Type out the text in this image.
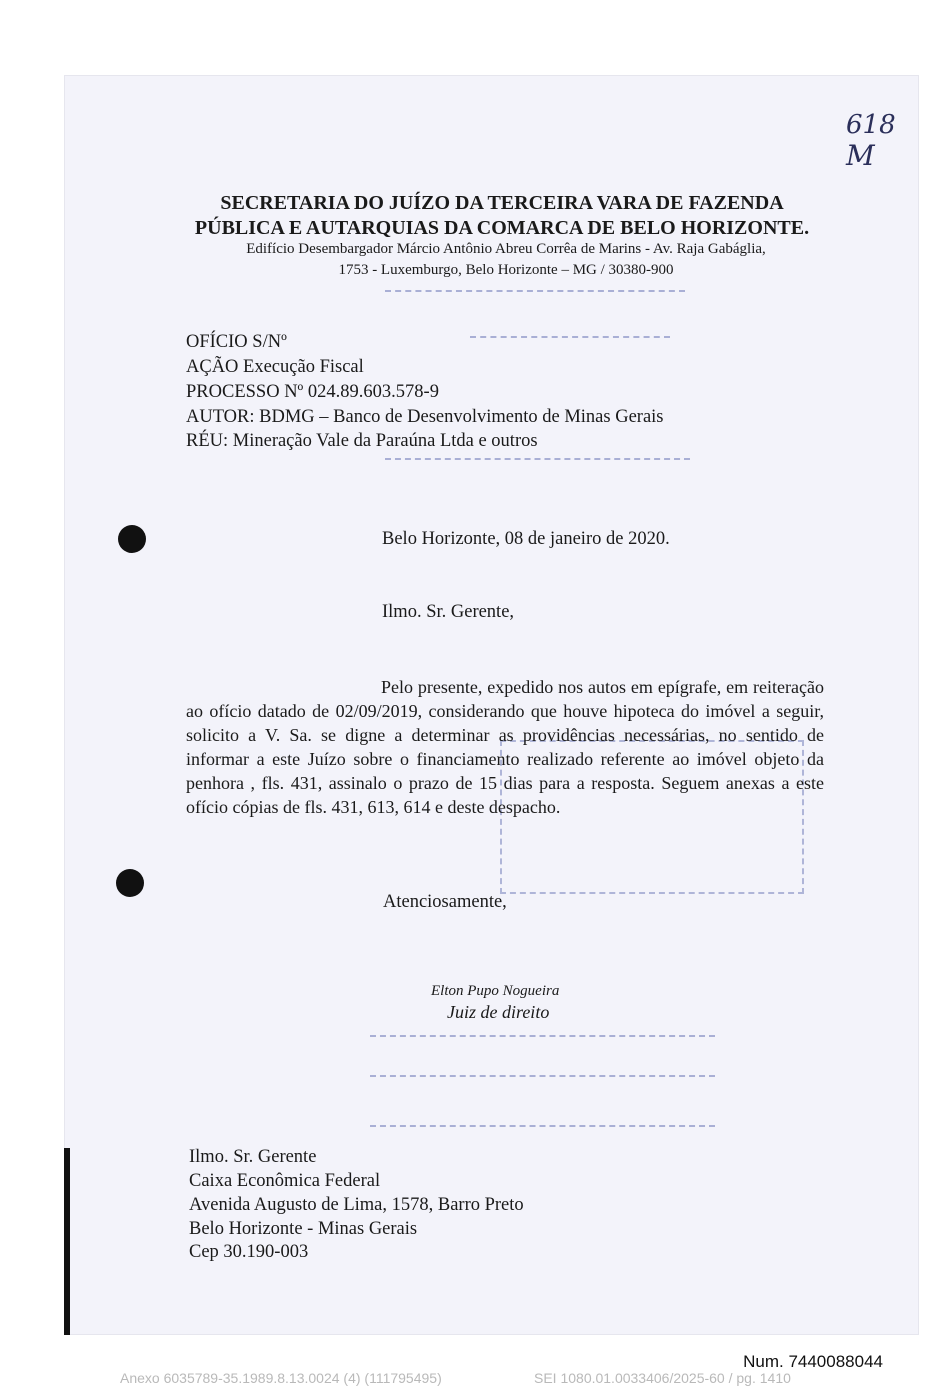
618
M
SECRETARIA DO JUÍZO DA TERCEIRA VARA DE FAZENDA
PÚBLICA E AUTARQUIAS DA COMARCA DE BELO HORIZONTE.
Edifício Desembargador Márcio Antônio Abreu Corrêa de Marins - Av. Raja Gabáglia,
1753 - Luxemburgo, Belo Horizonte – MG / 30380-900
OFÍCIO S/Nº
AÇÃO Execução Fiscal
PROCESSO Nº 024.89.603.578-9
AUTOR: BDMG – Banco de Desenvolvimento de Minas Gerais
RÉU: Mineração Vale da Paraúna Ltda e outros
Belo Horizonte, 08 de janeiro de 2020.
Ilmo. Sr. Gerente,
Pelo presente, expedido nos autos em epígrafe, em reiteração ao ofício datado de 02/09/2019, considerando que houve hipoteca do imóvel a seguir, solicito a V. Sa. se digne a determinar as providências necessárias, no sentido de informar a este Juízo sobre o financiamento realizado referente ao imóvel objeto da penhora , fls. 431, assinalo o prazo de 15 dias para a resposta. Seguem anexas a este ofício cópias de fls. 431, 613, 614 e deste despacho.
Atenciosamente,
Elton Pupo Nogueira
Juiz de direito
Ilmo. Sr. Gerente
Caixa Econômica Federal
Avenida Augusto de Lima, 1578, Barro Preto
Belo Horizonte - Minas Gerais
Cep 30.190-003
Num. 7440088044
Anexo 6035789-35.1989.8.13.0024 (4) (111795495)	SEI 1080.01.0033406/2025-60 / pg. 1410
